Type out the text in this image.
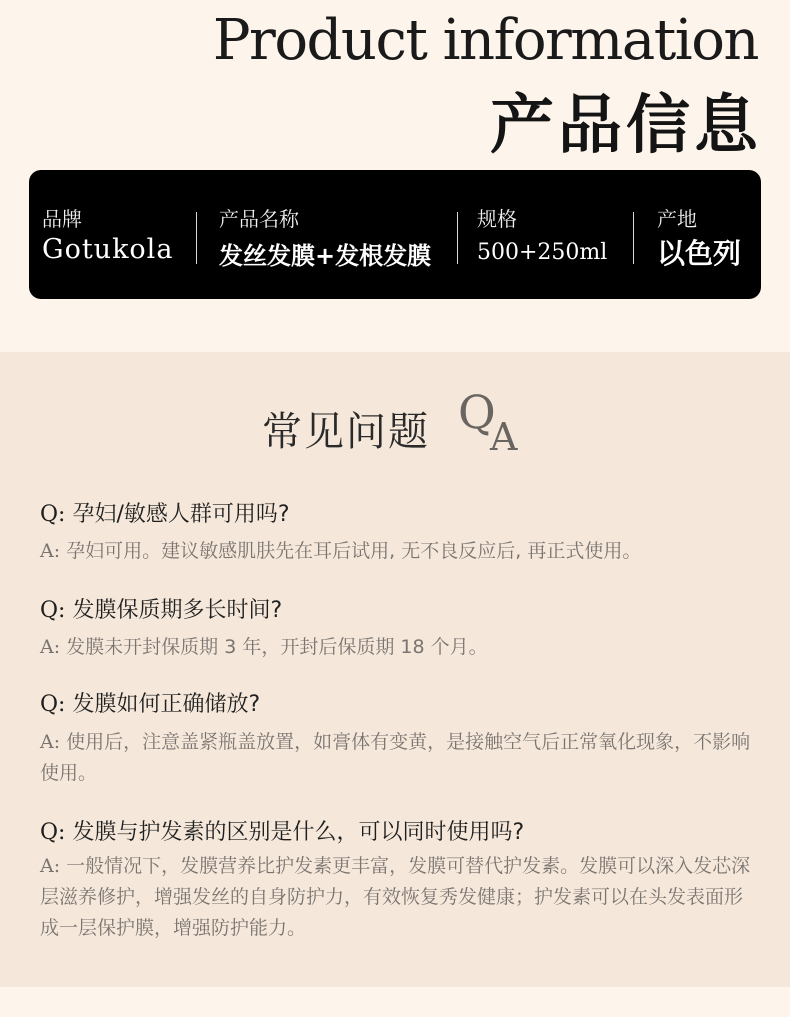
Product information
产品信息
品牌
Gotukola
产品名称
发丝发膜+发根发膜
规格
500+250ml
产地
以色列
常见问题 Q
A
Q: 孕妇/敏感人群可用吗?
A: 孕妇可用。建议敏感肌肤先在耳后试用, 无不良反应后, 再正式使用。
Q: 发膜保质期多长时间?
A: 发膜未开封保质期 3 年，开封后保质期 18 个月。
Q: 发膜如何正确储放?
A: 使用后，注意盖紧瓶盖放置，如膏体有变黄，是接触空气后正常氧化现象，不影响使用。
Q: 发膜与护发素的区别是什么，可以同时使用吗?
A: 一般情况下，发膜营养比护发素更丰富，发膜可替代护发素。发膜可以深入发芯深层滋养修护，增强发丝的自身防护力，有效恢复秀发健康；护发素可以在头发表面形成一层保护膜，增强防护能力。
